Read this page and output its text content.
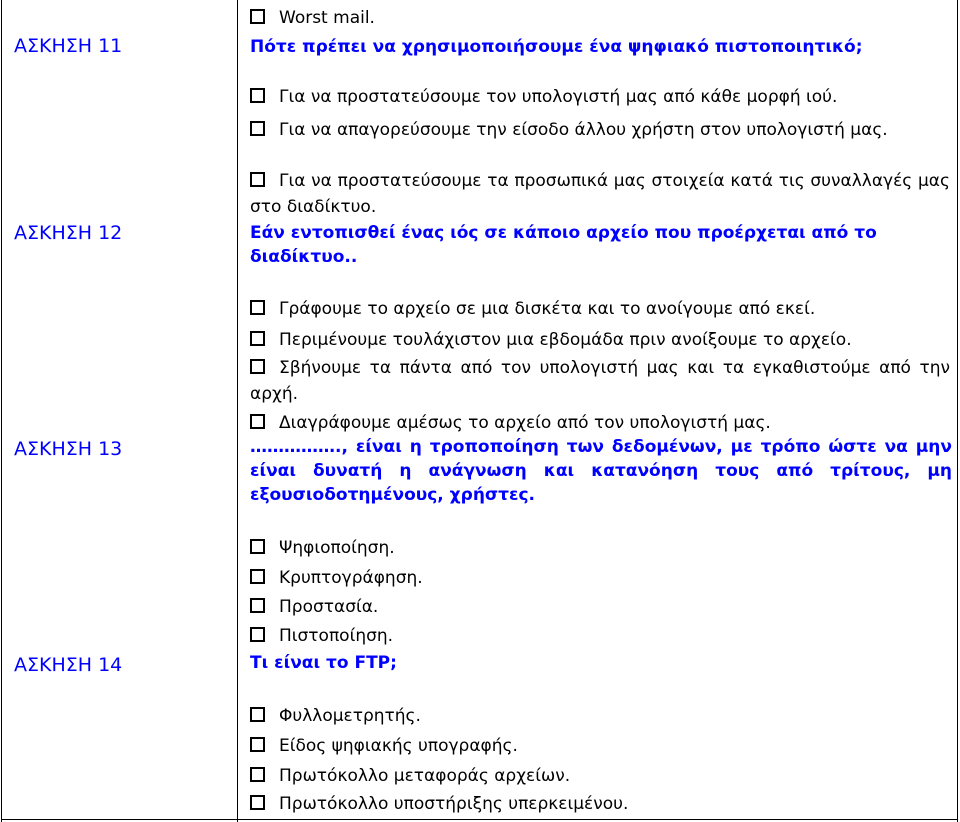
Worst mail.
ΑΣΚΗΣΗ 11	Πότε πρέπει να χρησιμοποιήσουμε ένα ψηφιακό πιστοποιητικό;
Για να προστατεύσουμε τον υπολογιστή μας από κάθε μορφή ιού.
Για να απαγορεύσουμε την είσοδο άλλου χρήστη στον υπολογιστή μας.
Για να προστατεύσουμε τα προσωπικά μας στοιχεία κατά τις συναλλαγές μας στο διαδίκτυο.
ΑΣΚΗΣΗ 12	Εάν εντοπισθεί ένας ιός σε κάποιο αρχείο που προέρχεται από το διαδίκτυο..
Γράφουμε το αρχείο σε μια δισκέτα και το ανοίγουμε από εκεί.
Περιμένουμε τουλάχιστον μια εβδομάδα πριν ανοίξουμε το αρχείο.
Σβήνουμε τα πάντα από τον υπολογιστή μας και τα εγκαθιστούμε από την αρχή.
Διαγράφουμε αμέσως το αρχείο από τον υπολογιστή μας.
ΑΣΚΗΣΗ 13	……………., είναι η τροποποίηση των δεδομένων, με τρόπο ώστε να μην είναι δυνατή η ανάγνωση και κατανόηση τους από τρίτους, μη εξουσιοδοτημένους, χρήστες.
Ψηφιοποίηση.
Κρυπτογράφηση.
Προστασία.
Πιστοποίηση.
ΑΣΚΗΣΗ 14	Τι είναι το FTP;
Φυλλομετρητής.
Είδος ψηφιακής υπογραφής.
Πρωτόκολλο μεταφοράς αρχείων.
Πρωτόκολλο υποστήριξης υπερκειμένου.
